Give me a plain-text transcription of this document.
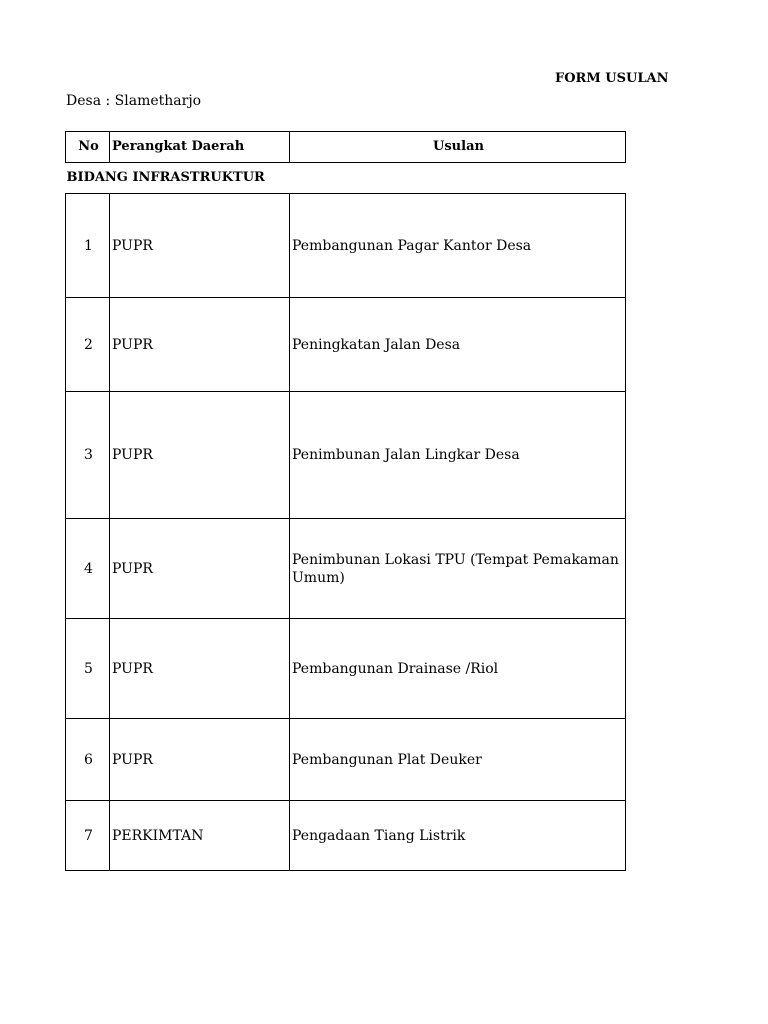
FORM USULAN
Desa : Slametharjo
No	Perangkat Daerah	Usulan
BIDANG INFRASTRUKTUR		
1	PUPR	Pembangunan Pagar Kantor Desa
2	PUPR	Peningkatan Jalan Desa
3	PUPR	Penimbunan Jalan Lingkar Desa
4	PUPR	Penimbunan Lokasi TPU (Tempat Pemakaman Umum)
5	PUPR	Pembangunan Drainase /Riol
6	PUPR	Pembangunan Plat Deuker
7	PERKIMTAN	Pengadaan Tiang Listrik
